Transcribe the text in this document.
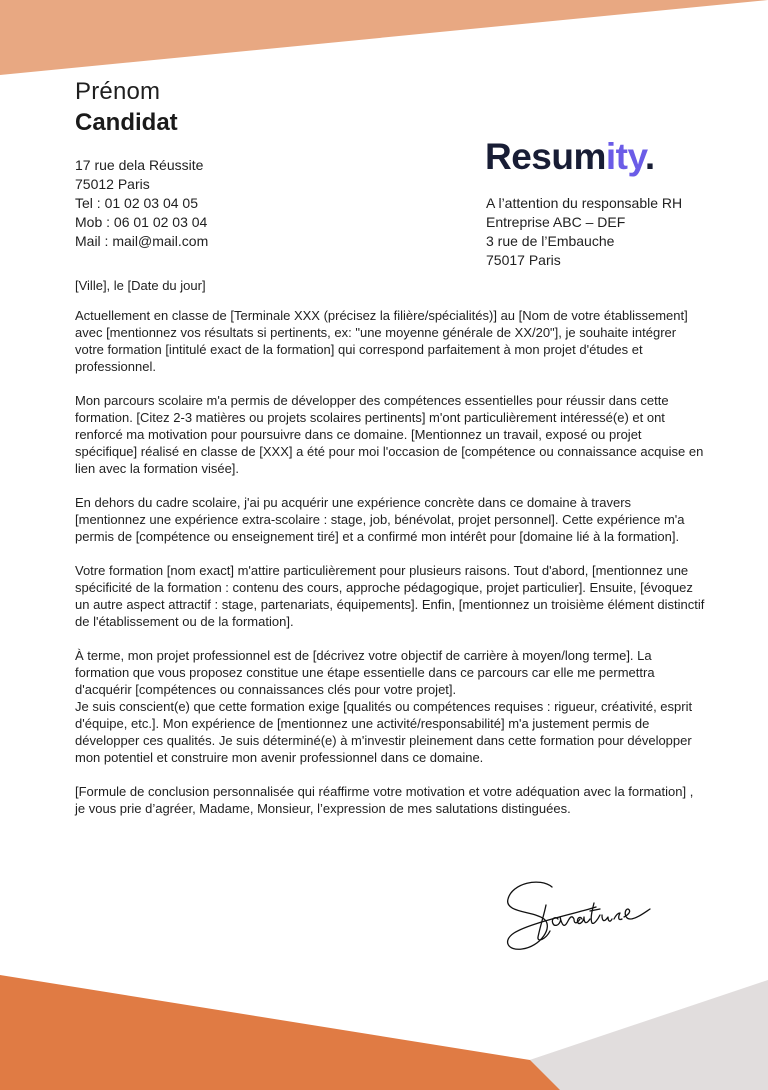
Prénom
Candidat
17 rue dela Réussite
75012 Paris
Tel : 01 02 03 04 05
Mob : 06 01 02 03 04
Mail : mail@mail.com
Resumity.
A l’attention du responsable RH
Entreprise ABC – DEF
3 rue de l’Embauche
75017 Paris
[Ville], le [Date du jour]

Actuellement en classe de [Terminale XXX (précisez la filière/spécialités)] au [Nom de votre établissement] avec [mentionnez vos résultats si pertinents, ex: "une moyenne générale de XX/20"], je souhaite intégrer votre formation [intitulé exact de la formation] qui correspond parfaitement à mon projet d'études et professionnel.

Mon parcours scolaire m'a permis de développer des compétences essentielles pour réussir dans cette formation. [Citez 2-3 matières ou projets scolaires pertinents] m'ont particulièrement intéressé(e) et ont renforcé ma motivation pour poursuivre dans ce domaine. [Mentionnez un travail, exposé ou projet spécifique] réalisé en classe de [XXX] a été pour moi l'occasion de [compétence ou connaissance acquise en lien avec la formation visée].

En dehors du cadre scolaire, j'ai pu acquérir une expérience concrète dans ce domaine à travers [mentionnez une expérience extra-scolaire : stage, job, bénévolat, projet personnel]. Cette expérience m'a permis de [compétence ou enseignement tiré] et a confirmé mon intérêt pour [domaine lié à la formation].

Votre formation [nom exact] m'attire particulièrement pour plusieurs raisons. Tout d'abord, [mentionnez une spécificité de la formation : contenu des cours, approche pédagogique, projet particulier]. Ensuite, [évoquez un autre aspect attractif : stage, partenariats, équipements]. Enfin, [mentionnez un troisième élément distinctif de l'établissement ou de la formation].

À terme, mon projet professionnel est de [décrivez votre objectif de carrière à moyen/long terme]. La formation que vous proposez constitue une étape essentielle dans ce parcours car elle me permettra d'acquérir [compétences ou connaissances clés pour votre projet].
Je suis conscient(e) que cette formation exige [qualités ou compétences requises : rigueur, créativité, esprit d'équipe, etc.]. Mon expérience de [mentionnez une activité/responsabilité] m'a justement permis de développer ces qualités. Je suis déterminé(e) à m'investir pleinement dans cette formation pour développer mon potentiel et construire mon avenir professionnel dans ce domaine.

[Formule de conclusion personnalisée qui réaffirme votre motivation et votre adéquation avec la formation] , je vous prie d’agréer, Madame, Monsieur, l’expression de mes salutations distinguées.
